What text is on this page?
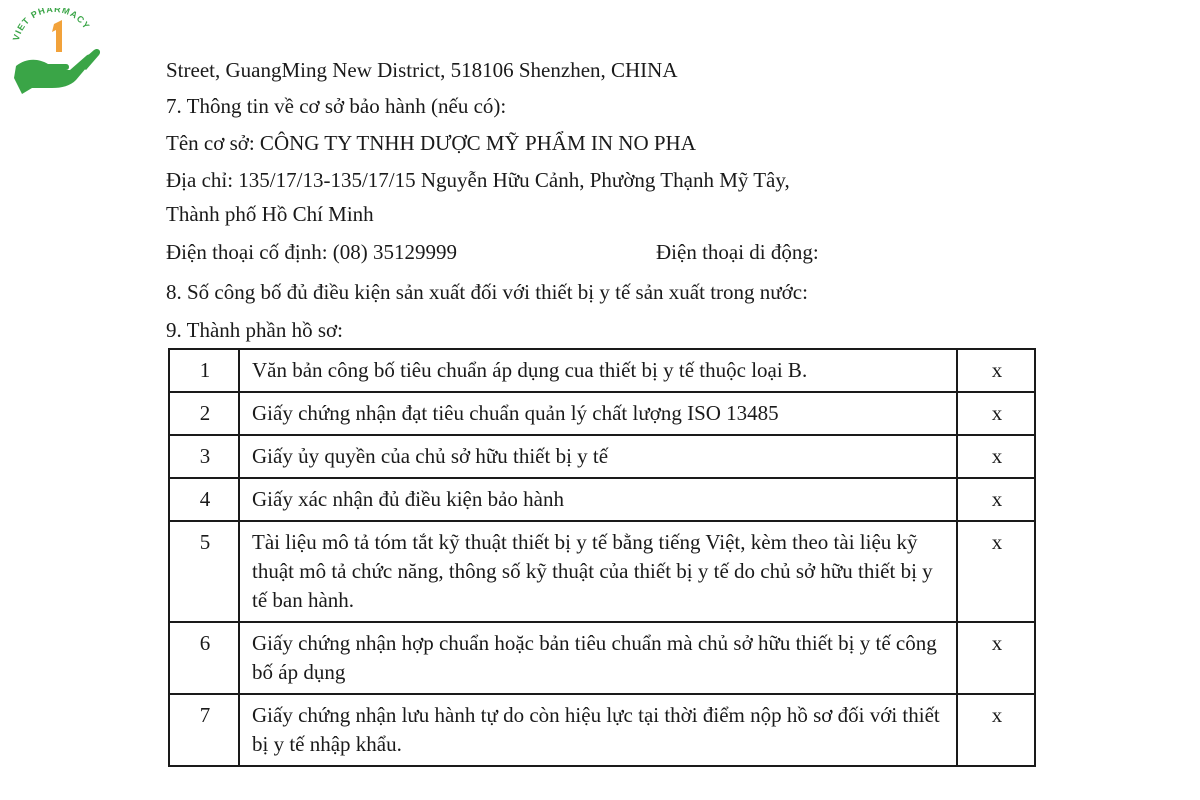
VIET PHARMACY
Street, GuangMing New District, 518106 Shenzhen, CHINA
7. Thông tin về cơ sở bảo hành (nếu có):
Tên cơ sở: CÔNG TY TNHH DƯỢC MỸ PHẨM IN NO PHA
Địa chỉ: 135/17/13-135/17/15 Nguyễn Hữu Cảnh, Phường Thạnh Mỹ Tây,
Thành phố Hồ Chí Minh
Điện thoại cố định: (08) 35129999	Điện thoại di động:
8. Số công bố đủ điều kiện sản xuất đối với thiết bị y tế sản xuất trong nước:
9. Thành phần hồ sơ:
1	Văn bản công bố tiêu chuẩn áp dụng cua thiết bị y tế thuộc loại B.	x
2	Giấy chứng nhận đạt tiêu chuẩn quản lý chất lượng ISO 13485	x
3	Giấy ủy quyền của chủ sở hữu thiết bị y tế	x
4	Giấy xác nhận đủ điều kiện bảo hành	x
5	Tài liệu mô tả tóm tắt kỹ thuật thiết bị y tế bằng tiếng Việt, kèm theo tài liệu kỹ thuật mô tả chức năng, thông số kỹ thuật của thiết bị y tế do chủ sở hữu thiết bị y tế ban hành.	x
6	Giấy chứng nhận hợp chuẩn hoặc bản tiêu chuẩn mà chủ sở hữu thiết bị y tế công bố áp dụng	x
7	Giấy chứng nhận lưu hành tự do còn hiệu lực tại thời điểm nộp hồ sơ đối với thiết bị y tế nhập khẩu.	x
